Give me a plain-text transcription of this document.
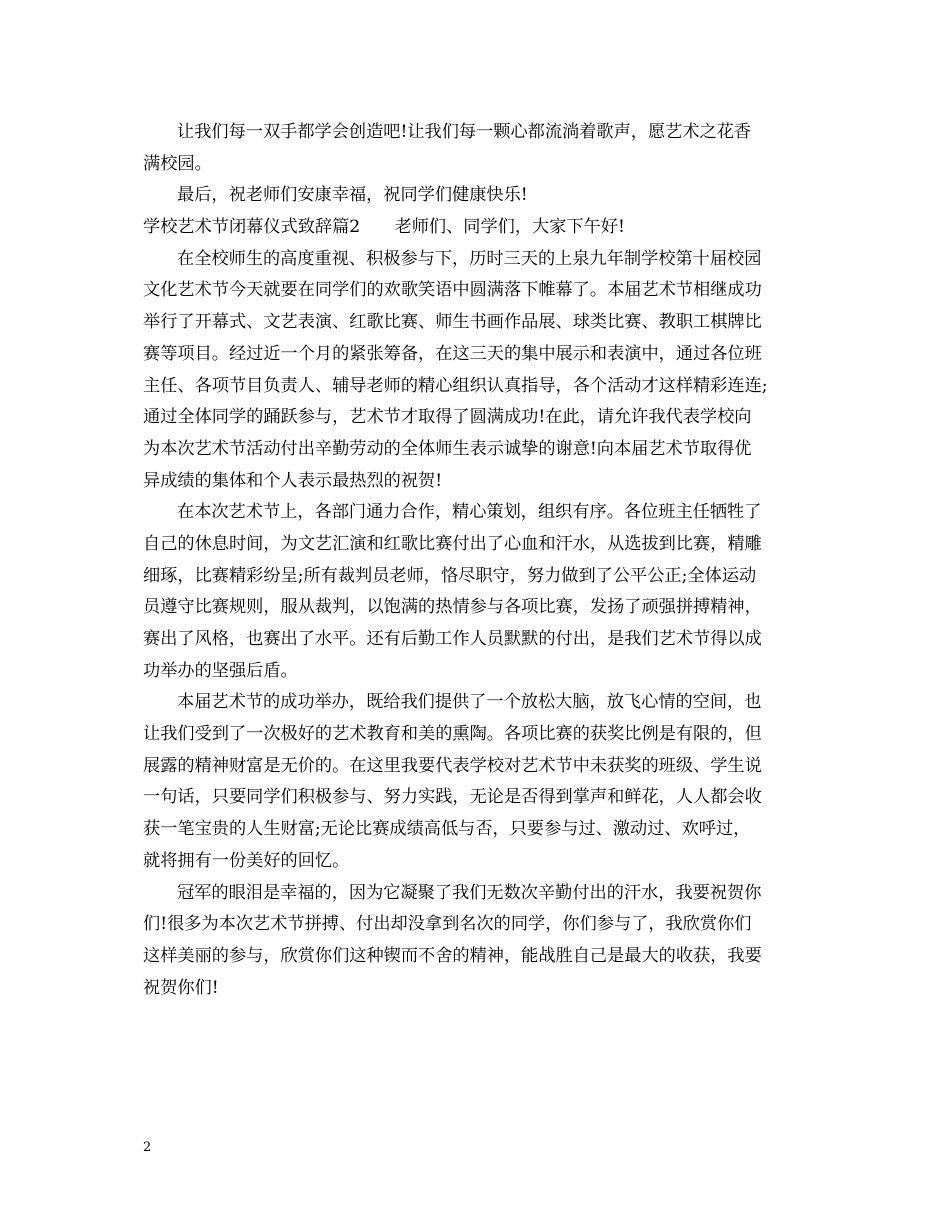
让我们每一双手都学会创造吧!让我们每一颗心都流淌着歌声，愿艺术之花香
满校园。
最后，祝老师们安康幸福，祝同学们健康快乐!
学校艺术节闭幕仪式致辞篇2　　老师们、同学们，大家下午好!
在全校师生的高度重视、积极参与下，历时三天的上泉九年制学校第十届校园
文化艺术节今天就要在同学们的欢歌笑语中圆满落下帷幕了。本届艺术节相继成功
举行了开幕式、文艺表演、红歌比赛、师生书画作品展、球类比赛、教职工棋牌比
赛等项目。经过近一个月的紧张筹备，在这三天的集中展示和表演中，通过各位班
主任、各项节目负责人、辅导老师的精心组织认真指导，各个活动才这样精彩连连;
通过全体同学的踊跃参与，艺术节才取得了圆满成功!在此，请允许我代表学校向
为本次艺术节活动付出辛勤劳动的全体师生表示诚挚的谢意!向本届艺术节取得优
异成绩的集体和个人表示最热烈的祝贺!
在本次艺术节上，各部门通力合作，精心策划，组织有序。各位班主任牺牲了
自己的休息时间，为文艺汇演和红歌比赛付出了心血和汗水，从选拔到比赛，精雕
细琢，比赛精彩纷呈;所有裁判员老师，恪尽职守，努力做到了公平公正;全体运动
员遵守比赛规则，服从裁判，以饱满的热情参与各项比赛，发扬了顽强拼搏精神，
赛出了风格，也赛出了水平。还有后勤工作人员默默的付出，是我们艺术节得以成
功举办的坚强后盾。
本届艺术节的成功举办，既给我们提供了一个放松大脑，放飞心情的空间，也
让我们受到了一次极好的艺术教育和美的熏陶。各项比赛的获奖比例是有限的，但
展露的精神财富是无价的。在这里我要代表学校对艺术节中未获奖的班级、学生说
一句话，只要同学们积极参与、努力实践，无论是否得到掌声和鲜花，人人都会收
获一笔宝贵的人生财富;无论比赛成绩高低与否，只要参与过、激动过、欢呼过，
就将拥有一份美好的回忆。
冠军的眼泪是幸福的，因为它凝聚了我们无数次辛勤付出的汗水，我要祝贺你
们!很多为本次艺术节拼搏、付出却没拿到名次的同学，你们参与了，我欣赏你们
这样美丽的参与，欣赏你们这种锲而不舍的精神，能战胜自己是最大的收获，我要
祝贺你们!
2
